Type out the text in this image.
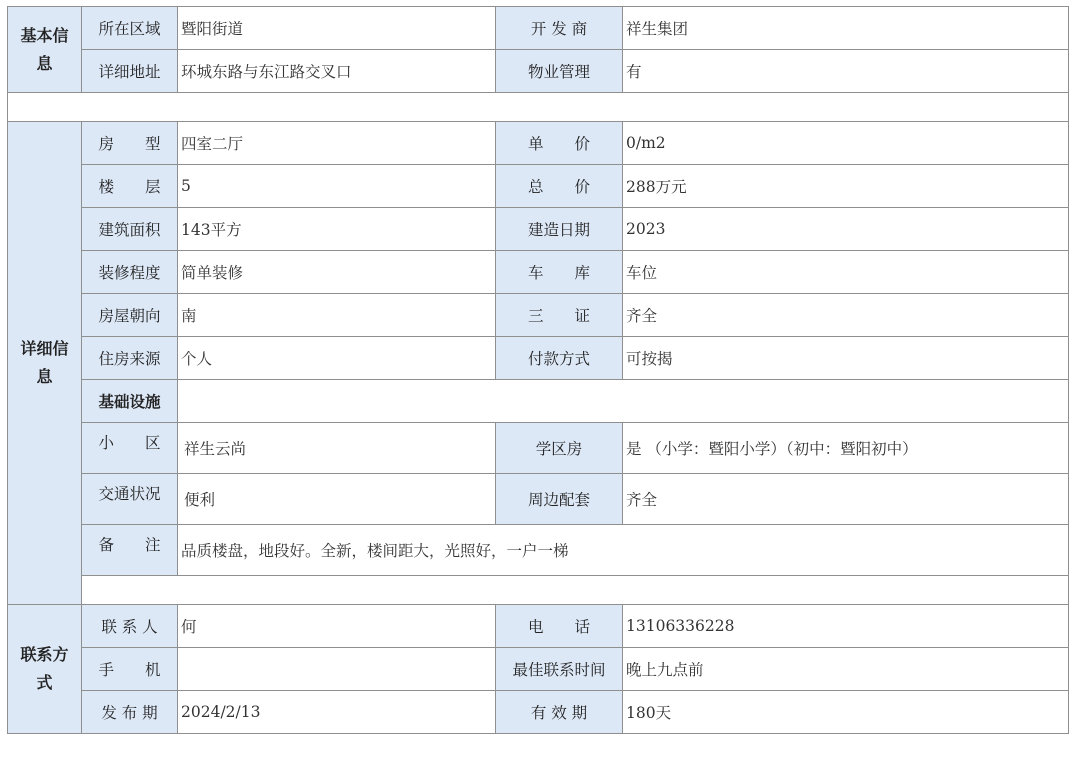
基本信息	所在区域	暨阳街道	开 发 商	祥生集团
	详细地址	环城东路与东江路交叉口	物业管理	有

详细信息	房　　型	四室二厅	单　　价	0/m2
	楼　　层	5	总　　价	288万元
	建筑面积	143平方	建造日期	2023
	装修程度	简单装修	车　　库	车位
	房屋朝向	南	三　　证	齐全
	住房来源	个人	付款方式	可按揭
	基础设施			
	小　　区	祥生云尚	学区房	是 （小学：暨阳小学）（初中：暨阳初中）
	交通状况	便利	周边配套	齐全
	备　　注	品质楼盘，地段好。全新，楼间距大，光照好，一户一梯		

联系方式	联 系 人	何	电　　话	13106336228
	手　　机		最佳联系时间	晚上九点前
	发 布 期	2024/2/13	有 效 期	180天
